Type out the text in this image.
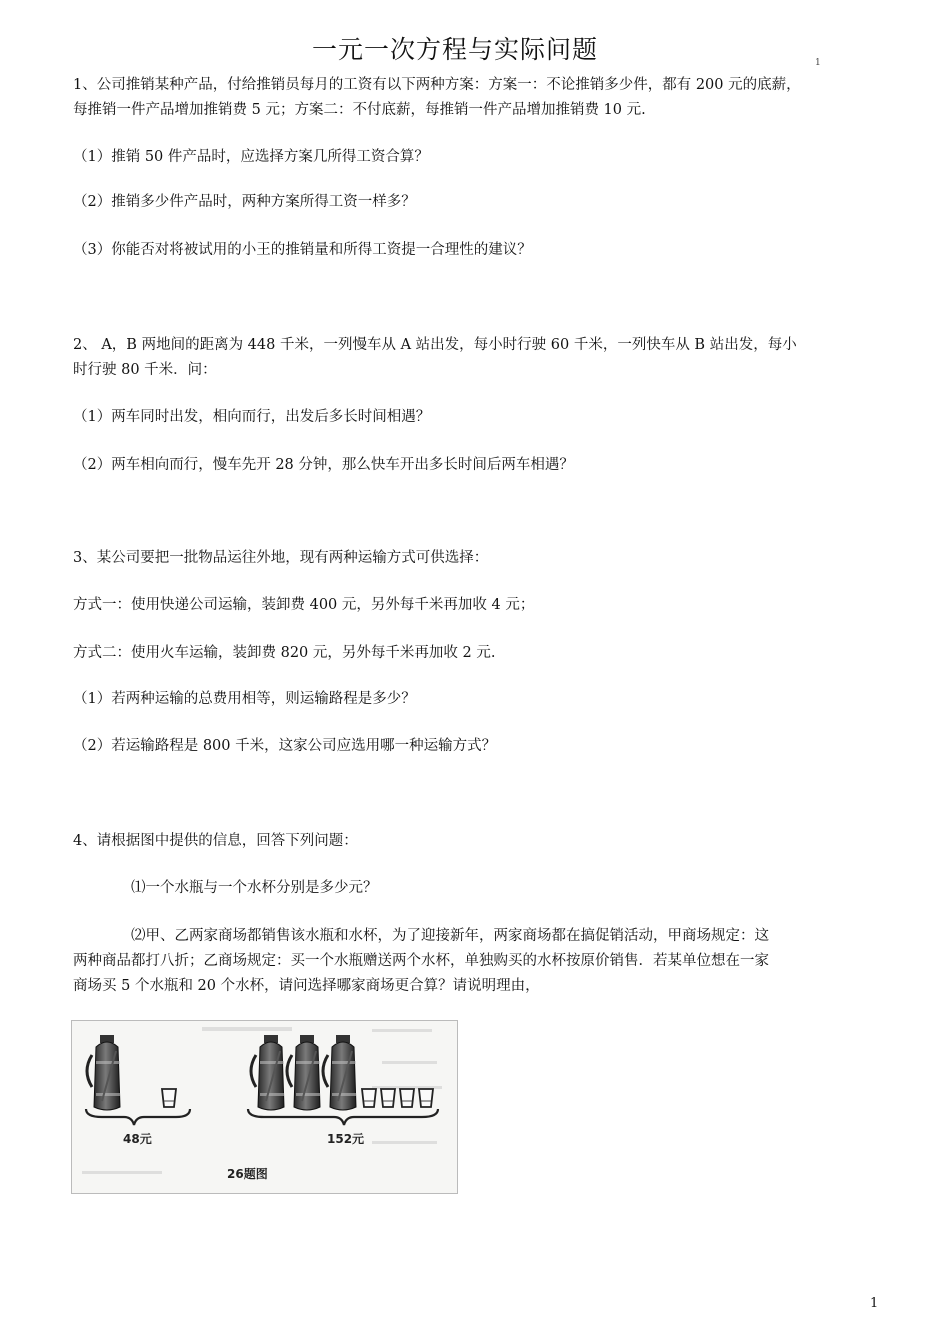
一元一次方程与实际问题	1
1、公司推销某种产品，付给推销员每月的工资有以下两种方案：方案一：不论推销多少件，都有 200 元的底薪，
每推销一件产品增加推销费 5 元；方案二：不付底薪，每推销一件产品增加推销费 10 元.
（1）推销 50 件产品时，应选择方案几所得工资合算？
（2）推销多少件产品时，两种方案所得工资一样多？
（3）你能否对将被试用的小王的推销量和所得工资提一合理性的建议？
2、 A，B 两地间的距离为 448 千米，一列慢车从 A 站出发，每小时行驶 60 千米，一列快车从 B 站出发，每小
时行驶 80 千米．问：
（1）两车同时出发，相向而行，出发后多长时间相遇？
（2）两车相向而行，慢车先开 28 分钟，那么快车开出多长时间后两车相遇？
3、某公司要把一批物品运往外地，现有两种运输方式可供选择：
方式一：使用快递公司运输，装卸费 400 元，另外每千米再加收 4 元；
方式二：使用火车运输，装卸费 820 元，另外每千米再加收 2 元.
（1）若两种运输的总费用相等，则运输路程是多少？
（2）若运输路程是 800 千米，这家公司应选用哪一种运输方式？
4、请根据图中提供的信息，回答下列问题：
⑴一个水瓶与一个水杯分别是多少元？
⑵甲、乙两家商场都销售该水瓶和水杯，为了迎接新年，两家商场都在搞促销活动，甲商场规定：这
两种商品都打八折；乙商场规定：买一个水瓶赠送两个水杯，单独购买的水杯按原价销售．若某单位想在一家
商场买 5 个水瓶和 20 个水杯，请问选择哪家商场更合算？请说明理由，
48元	152元
26题图
1
